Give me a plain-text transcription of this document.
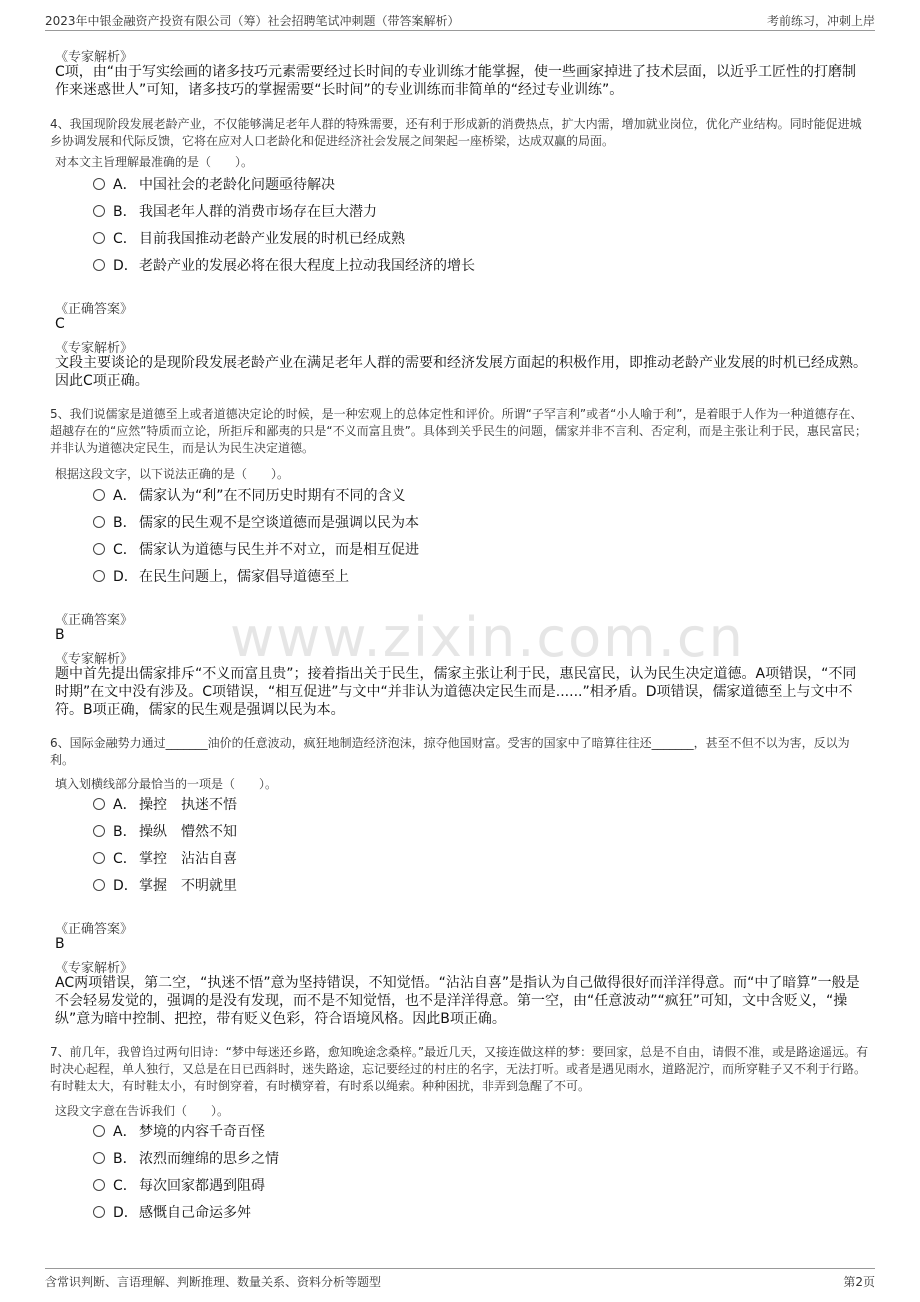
2023年中银金融资产投资有限公司（筹）社会招聘笔试冲刺题（带答案解析）	考前练习，冲刺上岸
www.zixin.com.cn
《专家解析》
C项，由“由于写实绘画的诸多技巧元素需要经过长时间的专业训练才能掌握，使一些画家掉进了技术层面，以近乎工匠性的打磨制作来迷惑世人”可知，诸多技巧的掌握需要“长时间”的专业训练而非简单的“经过专业训练”。
4、我国现阶段发展老龄产业，不仅能够满足老年人群的特殊需要，还有利于形成新的消费热点，扩大内需，增加就业岗位，优化产业结构。同时能促进城乡协调发展和代际反馈，它将在应对人口老龄化和促进经济社会发展之间架起一座桥梁，达成双赢的局面。
对本文主旨理解最准确的是（　　）。
A． 中国社会的老龄化问题亟待解决
B． 我国老年人群的消费市场存在巨大潜力
C． 目前我国推动老龄产业发展的时机已经成熟
D．老龄产业的发展必将在很大程度上拉动我国经济的增长
《正确答案》
C
《专家解析》
文段主要谈论的是现阶段发展老龄产业在满足老年人群的需要和经济发展方面起的积极作用，即推动老龄产业发展的时机已经成熟。因此C项正确。
5、我们说儒家是道德至上或者道德决定论的时候，是一种宏观上的总体定性和评价。所谓“子罕言利”或者“小人喻于利”，是着眼于人作为一种道德存在、超越存在的“应然”特质而立论，所拒斥和鄙夷的只是“不义而富且贵”。具体到关乎民生的问题，儒家并非不言利、否定利，而是主张让利于民，惠民富民；并非认为道德决定民生，而是认为民生决定道德。
根据这段文字，以下说法正确的是（　　）。
A． 儒家认为“利”在不同历史时期有不同的含义
B． 儒家的民生观不是空谈道德而是强调以民为本
C． 儒家认为道德与民生并不对立，而是相互促进
D．在民生问题上，儒家倡导道德至上
《正确答案》
B
《专家解析》
题中首先提出儒家排斥“不义而富且贵”；接着指出关于民生，儒家主张让利于民，惠民富民，认为民生决定道德。A项错误，“不同时期”在文中没有涉及。C项错误，“相互促进”与文中“并非认为道德决定民生而是......”相矛盾。D项错误，儒家道德至上与文中不符。B项正确，儒家的民生观是强调以民为本。
6、国际金融势力通过_______油价的任意波动，疯狂地制造经济泡沫，掠夺他国财富。受害的国家中了暗算往往还_______，甚至不但不以为害，反以为利。
填入划横线部分最恰当的一项是（　　）。
A． 操控　执迷不悟
B． 操纵　懵然不知
C． 掌控　沾沾自喜
D．掌握　不明就里
《正确答案》
B
《专家解析》
AC两项错误，第二空，“执迷不悟”意为坚持错误，不知觉悟。“沾沾自喜”是指认为自己做得很好而洋洋得意。而“中了暗算”一般是不会轻易发觉的，强调的是没有发现，而不是不知觉悟，也不是洋洋得意。第一空，由“任意波动”“疯狂”可知，文中含贬义，“操纵”意为暗中控制、把控，带有贬义色彩，符合语境风格。因此B项正确。
7、前几年，我曾诌过两句旧诗：“梦中每迷还乡路，愈知晚途念桑梓。”最近几天，又接连做这样的梦：要回家，总是不自由，请假不准，或是路途遥远。有时决心起程，单人独行，又总是在日已西斜时，迷失路途，忘记要经过的村庄的名字，无法打听。或者是遇见雨水，道路泥泞，而所穿鞋子又不利于行路。有时鞋太大，有时鞋太小，有时倒穿着，有时横穿着，有时系以绳索。种种困扰，非弄到急醒了不可。
这段文字意在告诉我们（　　）。
A． 梦境的内容千奇百怪
B． 浓烈而缠绵的思乡之情
C． 每次回家都遇到阻碍
D．感慨自己命运多舛
含常识判断、言语理解、判断推理、数量关系、资料分析等题型	第2页
